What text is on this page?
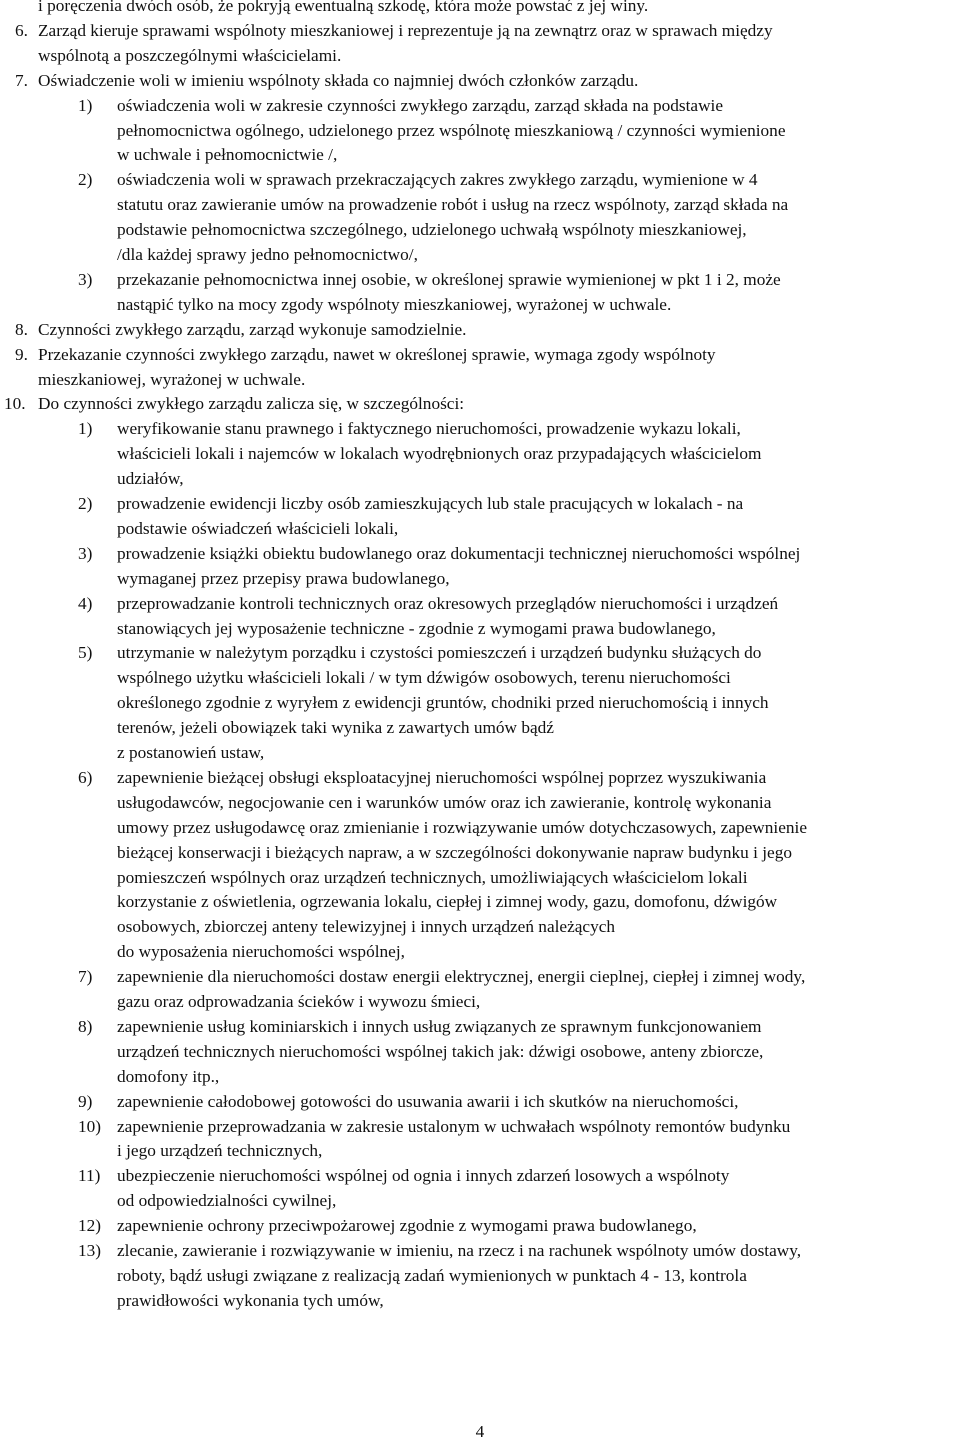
i poręczenia dwóch osób, że pokryją ewentualną szkodę, która może powstać z jej winy.
6. Zarząd kieruje sprawami wspólnoty mieszkaniowej i reprezentuje ją na zewnątrz oraz w sprawach między
wspólnotą a poszczególnymi właścicielami.
7. Oświadczenie woli w imieniu wspólnoty składa co najmniej dwóch członków zarządu.
1) oświadczenia woli w zakresie czynności zwykłego zarządu, zarząd składa na podstawie
pełnomocnictwa ogólnego, udzielonego przez wspólnotę mieszkaniową / czynności wymienione
w uchwale i pełnomocnictwie /,
2) oświadczenia woli w sprawach przekraczających zakres zwykłego zarządu, wymienione w 4
statutu oraz zawieranie umów na prowadzenie robót i usług na rzecz wspólnoty, zarząd składa na
podstawie pełnomocnictwa szczególnego, udzielonego uchwałą wspólnoty mieszkaniowej,
/dla każdej sprawy jedno pełnomocnictwo/,
3) przekazanie pełnomocnictwa innej osobie, w określonej sprawie wymienionej w pkt 1 i 2, może
nastąpić tylko na mocy zgody wspólnoty mieszkaniowej, wyrażonej w uchwale.
8. Czynności zwykłego zarządu, zarząd wykonuje samodzielnie.
9. Przekazanie czynności zwykłego zarządu, nawet w określonej sprawie, wymaga zgody wspólnoty
mieszkaniowej, wyrażonej w uchwale.
10. Do czynności zwykłego zarządu zalicza się, w szczególności:
1) weryfikowanie stanu prawnego i faktycznego nieruchomości, prowadzenie wykazu lokali,
właścicieli lokali i najemców w lokalach wyodrębnionych oraz przypadających właścicielom
udziałów,
2) prowadzenie ewidencji liczby osób zamieszkujących lub stale pracujących w lokalach - na
podstawie oświadczeń właścicieli lokali,
3) prowadzenie książki obiektu budowlanego oraz dokumentacji technicznej nieruchomości wspólnej
wymaganej przez przepisy prawa budowlanego,
4) przeprowadzanie kontroli technicznych oraz okresowych przeglądów nieruchomości i urządzeń
stanowiących jej wyposażenie techniczne - zgodnie z wymogami prawa budowlanego,
5) utrzymanie w należytym porządku i czystości pomieszczeń i urządzeń budynku służących do
wspólnego użytku właścicieli lokali / w tym dźwigów osobowych, terenu nieruchomości
określonego zgodnie z wyryłem z ewidencji gruntów, chodniki przed nieruchomością i innych
terenów, jeżeli obowiązek taki wynika z zawartych umów bądź
z postanowień ustaw,
6) zapewnienie bieżącej obsługi eksploatacyjnej nieruchomości wspólnej poprzez wyszukiwania
usługodawców, negocjowanie cen i warunków umów oraz ich zawieranie, kontrolę wykonania
umowy przez usługodawcę oraz zmienianie i rozwiązywanie umów dotychczasowych, zapewnienie
bieżącej konserwacji i bieżących napraw, a w szczególności dokonywanie napraw budynku i jego
pomieszczeń wspólnych oraz urządzeń technicznych, umożliwiających właścicielom lokali
korzystanie z oświetlenia, ogrzewania lokalu, ciepłej i zimnej wody, gazu, domofonu, dźwigów
osobowych, zbiorczej anteny telewizyjnej i innych urządzeń należących
do wyposażenia nieruchomości wspólnej,
7) zapewnienie dla nieruchomości dostaw energii elektrycznej, energii cieplnej, ciepłej i zimnej wody,
gazu oraz odprowadzania ścieków i wywozu śmieci,
8) zapewnienie usług kominiarskich i innych usług związanych ze sprawnym funkcjonowaniem
urządzeń technicznych nieruchomości wspólnej takich jak: dźwigi osobowe, anteny zbiorcze,
domofony itp.,
9) zapewnienie całodobowej gotowości do usuwania awarii i ich skutków na nieruchomości,
10) zapewnienie przeprowadzania w zakresie ustalonym w uchwałach wspólnoty remontów budynku
i jego urządzeń technicznych,
11) ubezpieczenie nieruchomości wspólnej od ognia i innych zdarzeń losowych a wspólnoty
od odpowiedzialności cywilnej,
12) zapewnienie ochrony przeciwpożarowej zgodnie z wymogami prawa budowlanego,
13) zlecanie, zawieranie i rozwiązywanie w imieniu, na rzecz i na rachunek wspólnoty umów dostawy,
roboty, bądź usługi związane z realizacją zadań wymienionych w punktach 4 - 13, kontrola
prawidłowości wykonania tych umów,
4
